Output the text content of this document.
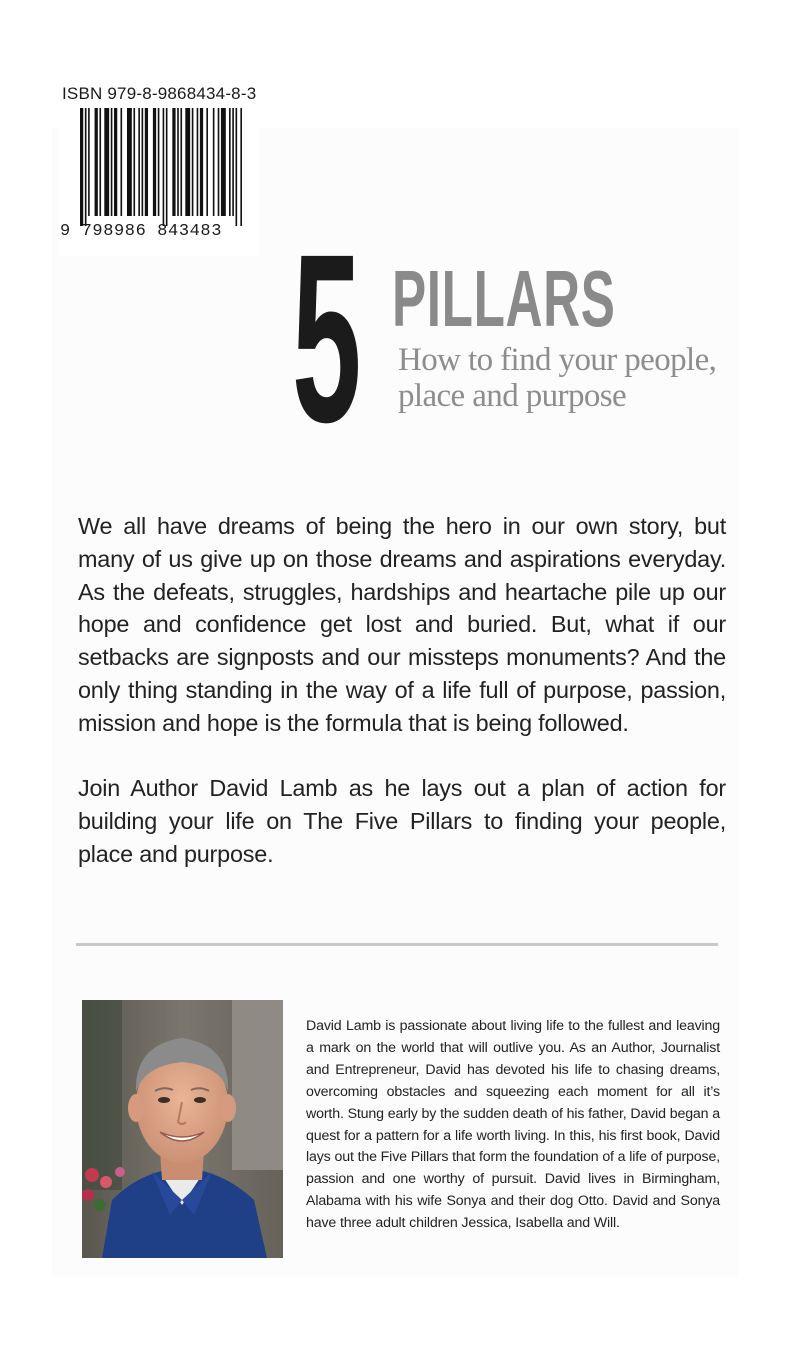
ISBN 979-8-9868434-8-3
9 798986 843483 5 PILLARS
How to find your people,
place and purpose

We all have dreams of being the hero in our own story, but many of us give up on those dreams and aspirations everyday. As the defeats, struggles, hardships and heartache pile up our hope and confidence get lost and buried. But, what if our setbacks are signposts and our missteps monuments? And the only thing standing in the way of a life full of purpose, passion, mission and hope is the formula that is being followed.

Join Author David Lamb as he lays out a plan of action for building your life on The Five Pillars to finding your people, place and purpose.

David Lamb is passionate about living life to the fullest and leaving a mark on the world that will outlive you. As an Author, Journalist and Entrepreneur, David has devoted his life to chasing dreams, overcoming obstacles and squeezing each moment for all it’s worth. Stung early by the sudden death of his father, David began a quest for a pattern for a life worth living. In this, his first book, David lays out the Five Pillars that form the foundation of a life of purpose, passion and one worthy of pursuit. David lives in Birmingham, Alabama with his wife Sonya and their dog Otto. David and Sonya have three adult children Jessica, Isabella and Will.
